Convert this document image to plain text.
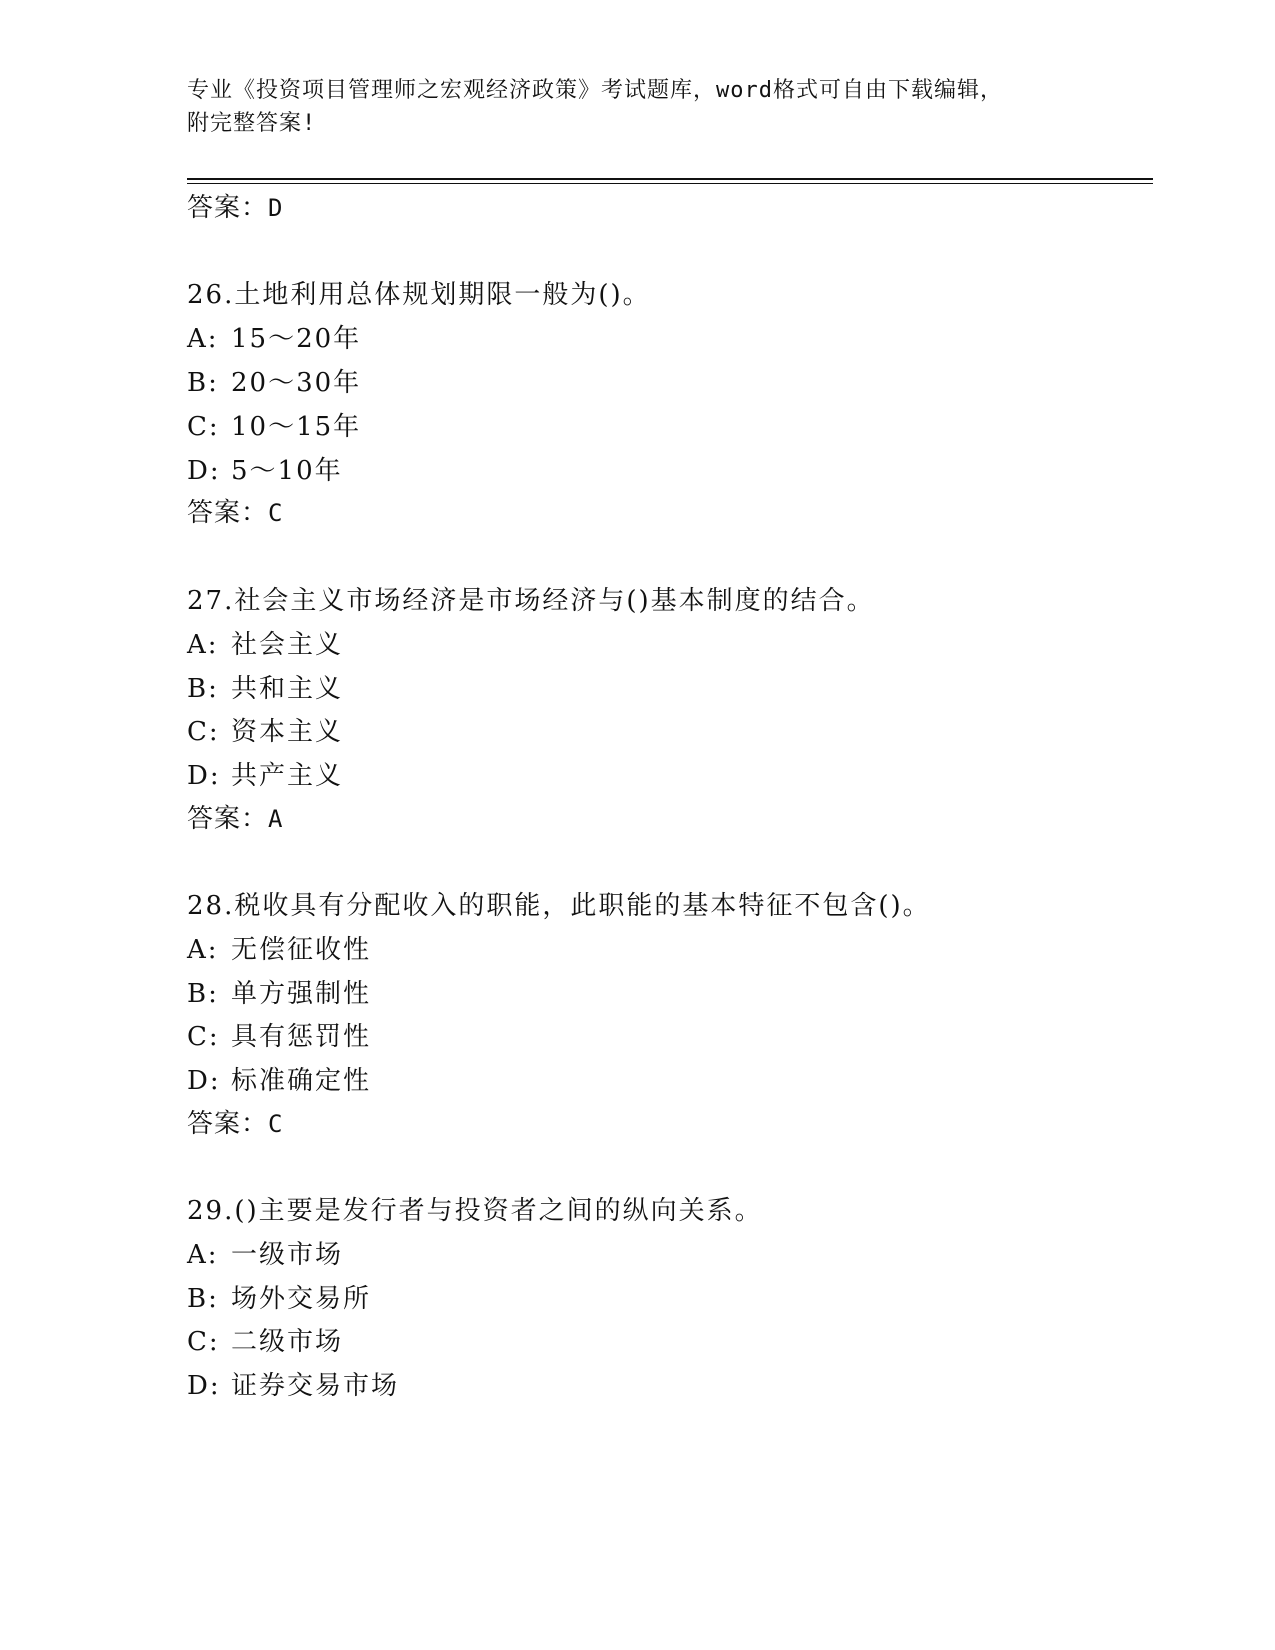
专业《投资项目管理师之宏观经济政策》考试题库，word格式可自由下载编辑，
附完整答案!
答案：D
26.土地利用总体规划期限一般为()。
A: 15～20年
B: 20～30年
C: 10～15年
D: 5～10年
答案：C
27.社会主义市场经济是市场经济与()基本制度的结合。
A: 社会主义
B: 共和主义
C: 资本主义
D: 共产主义
答案：A
28.税收具有分配收入的职能，此职能的基本特征不包含()。
A: 无偿征收性
B: 单方强制性
C: 具有惩罚性
D: 标准确定性
答案：C
29.()主要是发行者与投资者之间的纵向关系。
A: 一级市场
B: 场外交易所
C: 二级市场
D: 证券交易市场
